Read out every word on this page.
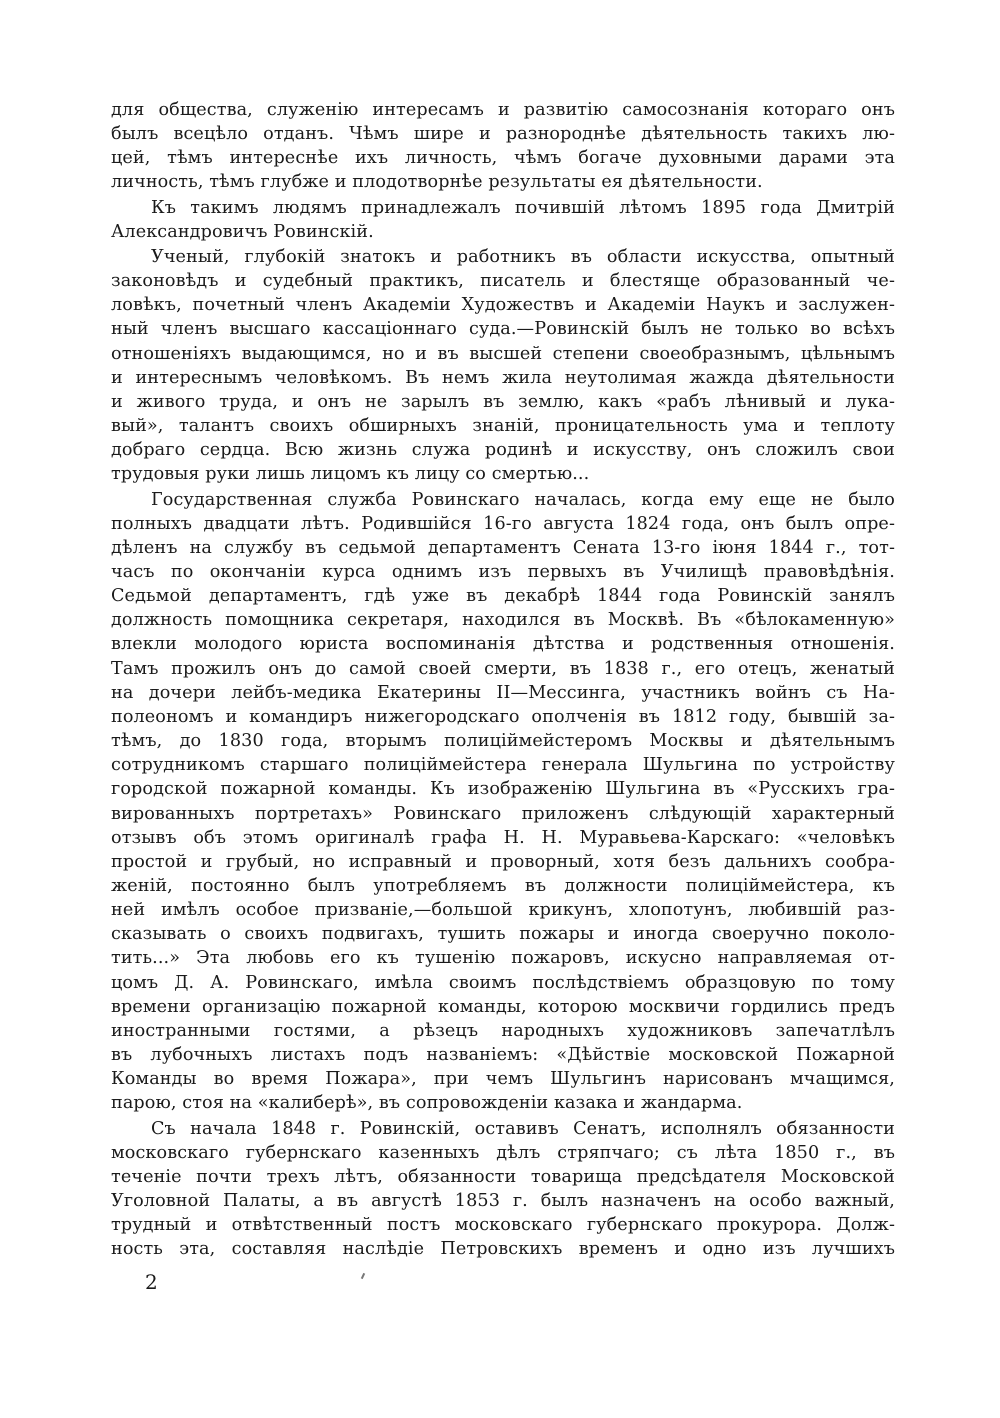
для общества, служенію интересамъ и развитію самосознанія котораго онъ
былъ всецѣло отданъ. Чѣмъ шире и разнороднѣе дѣятельность такихъ лю-
цей, тѣмъ интереснѣе ихъ личность, чѣмъ богаче духовными дарами эта
личность, тѣмъ глубже и плодотворнѣе результаты ея дѣятельности.
Къ такимъ людямъ принадлежалъ почившій лѣтомъ 1895 года Дмитрій
Александровичъ Ровинскій.
Ученый, глубокій знатокъ и работникъ въ области искусства, опытный
законовѣдъ и судебный практикъ, писатель и блестяще образованный че-
ловѣкъ, почетный членъ Академіи Художествъ и Академіи Наукъ и заслужен-
ный членъ высшаго кассаціоннаго суда.—Ровинскій былъ не только во всѣхъ
отношеніяхъ выдающимся, но и въ высшей степени своеобразнымъ, цѣльнымъ
и интереснымъ человѣкомъ. Въ немъ жила неутолимая жажда дѣятельности
и живого труда, и онъ не зарылъ въ землю, какъ «рабъ лѣнивый и лука-
вый», талантъ своихъ обширныхъ знаній, проницательность ума и теплоту
добраго сердца. Всю жизнь служа родинѣ и искусству, онъ сложилъ свои
трудовыя руки лишь лицомъ къ лицу со смертью...
Государственная служба Ровинскаго началась, когда ему еще не было
полныхъ двадцати лѣтъ. Родившійся 16-го августа 1824 года, онъ былъ опре-
дѣленъ на службу въ седьмой департаментъ Сената 13-го іюня 1844 г., тот-
часъ по окончаніи курса однимъ изъ первыхъ въ Училищѣ правовѣдѣнія.
Седьмой департаментъ, гдѣ уже въ декабрѣ 1844 года Ровинскій занялъ
должность помощника секретаря, находился въ Москвѣ. Въ «бѣлокаменную»
влекли молодого юриста воспоминанія дѣтства и родственныя отношенія.
Тамъ прожилъ онъ до самой своей смерти, въ 1838 г., его отецъ, женатый
на дочери лейбъ-медика Екатерины II—Мессинга, участникъ войнъ съ На-
полеономъ и командиръ нижегородскаго ополченія въ 1812 году, бывшій за-
тѣмъ, до 1830 года, вторымъ полиціймейстеромъ Москвы и дѣятельнымъ
сотрудникомъ старшаго полиціймейстера генерала Шульгина по устройству
городской пожарной команды. Къ изображенію Шульгина въ «Русскихъ гра-
вированныхъ портретахъ» Ровинскаго приложенъ слѣдующій характерный
отзывъ объ этомъ оригиналѣ графа Н. Н. Муравьева-Карскаго: «человѣкъ
простой и грубый, но исправный и проворный, хотя безъ дальнихъ сообра-
женій, постоянно былъ употребляемъ въ должности полиціймейстера, къ
ней имѣлъ особое призваніе,—большой крикунъ, хлопотунъ, любившій раз-
сказывать о своихъ подвигахъ, тушить пожары и иногда своеручно поколо-
тить...» Эта любовь его къ тушенію пожаровъ, искусно направляемая от-
цомъ Д. А. Ровинскаго, имѣла своимъ послѣдствіемъ образцовую по тому
времени организацію пожарной команды, которою москвичи гордились предъ
иностранными гостями, а рѣзецъ народныхъ художниковъ запечатлѣлъ
въ лубочныхъ листахъ подъ названіемъ: «Дѣйствіе московской Пожарной
Команды во время Пожара», при чемъ Шульгинъ нарисованъ мчащимся,
парою, стоя на «калиберѣ», въ сопровожденіи казака и жандарма.
Съ начала 1848 г. Ровинскій, оставивъ Сенатъ, исполнялъ обязанности
московскаго губернскаго казенныхъ дѣлъ стряпчаго; съ лѣта 1850 г., въ
теченіе почти трехъ лѣтъ, обязанности товарища предсѣдателя Московской
Уголовной Палаты, а въ августѣ 1853 г. былъ назначенъ на особо важный,
трудный и отвѣтственный постъ московскаго губернскаго прокурора. Долж-
ность эта, составляя наслѣдіе Петровскихъ временъ и одно изъ лучшихъ
2
